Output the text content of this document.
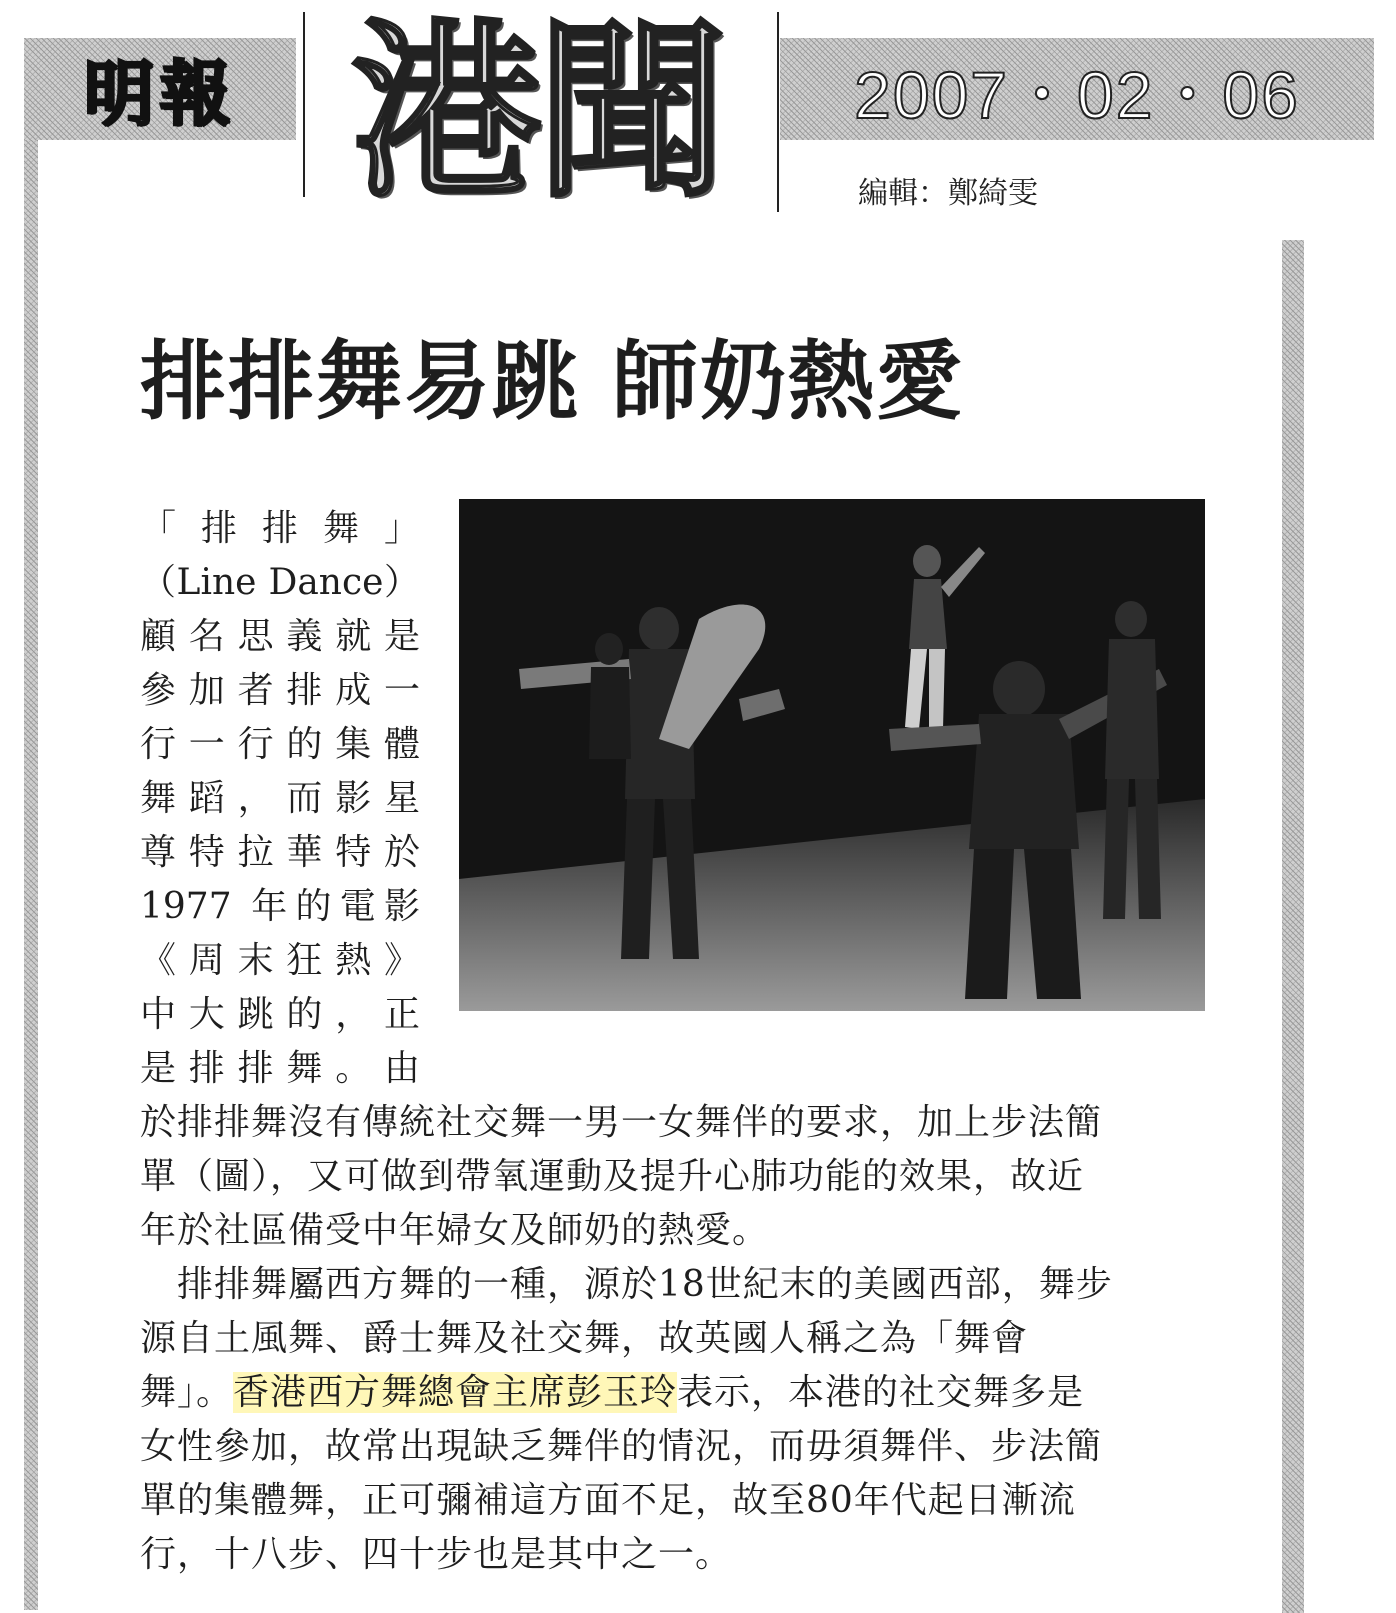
明報 港聞	2007・02・06
編輯：鄭綺雯
排排舞易跳 師奶熱愛
「排排舞」
（Line Dance）
顧名思義就是
參加者排成一
行一行的集體
舞蹈，而影星
尊特拉華特於
1977 年的電影
《周末狂熱》
中大跳的，正
是排排舞。由
於排排舞沒有傳統社交舞一男一女舞伴的要求，加上步法簡
單（圖），又可做到帶氧運動及提升心肺功能的效果，故近
年於社區備受中年婦女及師奶的熱愛。
　排排舞屬西方舞的一種，源於18世紀末的美國西部，舞步
源自土風舞、爵士舞及社交舞，故英國人稱之為「舞會
舞」。香港西方舞總會主席彭玉玲表示，本港的社交舞多是
女性參加，故常出現缺乏舞伴的情況，而毋須舞伴、步法簡
單的集體舞，正可彌補這方面不足，故至80年代起日漸流
行，十八步、四十步也是其中之一。
